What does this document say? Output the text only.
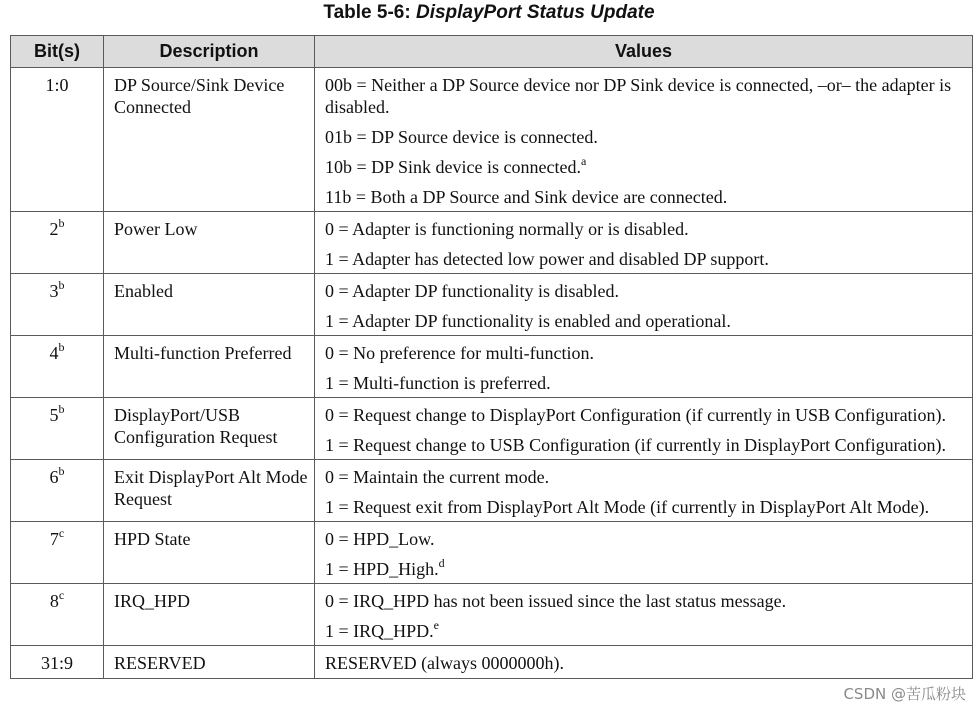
Table 5-6: DisplayPort Status Update
Bit(s)	Description	Values
1:0	DP Source/Sink Device Connected	00b = Neither a DP Source device nor DP Sink device is connected, –or– the adapter is disabled.
01b = DP Source device is connected.
10b = DP Sink device is connected.$^a$
11b = Both a DP Source and Sink device are connected.

2$^b$	Power Low	0 = Adapter is functioning normally or is disabled.
1 = Adapter has detected low power and disabled DP support.

3$^b$	Enabled	0 = Adapter DP functionality is disabled.
1 = Adapter DP functionality is enabled and operational.

4$^b$	Multi-function Preferred	0 = No preference for multi-function.
1 = Multi-function is preferred.

5$^b$	DisplayPort/USB Configuration Request	0 = Request change to DisplayPort Configuration (if currently in USB Configuration).
1 = Request change to USB Configuration (if currently in DisplayPort Configuration).

6$^b$	Exit DisplayPort Alt Mode Request	0 = Maintain the current mode.
1 = Request exit from DisplayPort Alt Mode (if currently in DisplayPort Alt Mode).

7$^c$	HPD State	0 = HPD_Low.
1 = HPD_High.$^d$

8$^c$	IRQ_HPD	0 = IRQ_HPD has not been issued since the last status message.
1 = IRQ_HPD.$^e$

31:9	RESERVED	RESERVED (always 0000000h).
CSDN @苦瓜粉块
